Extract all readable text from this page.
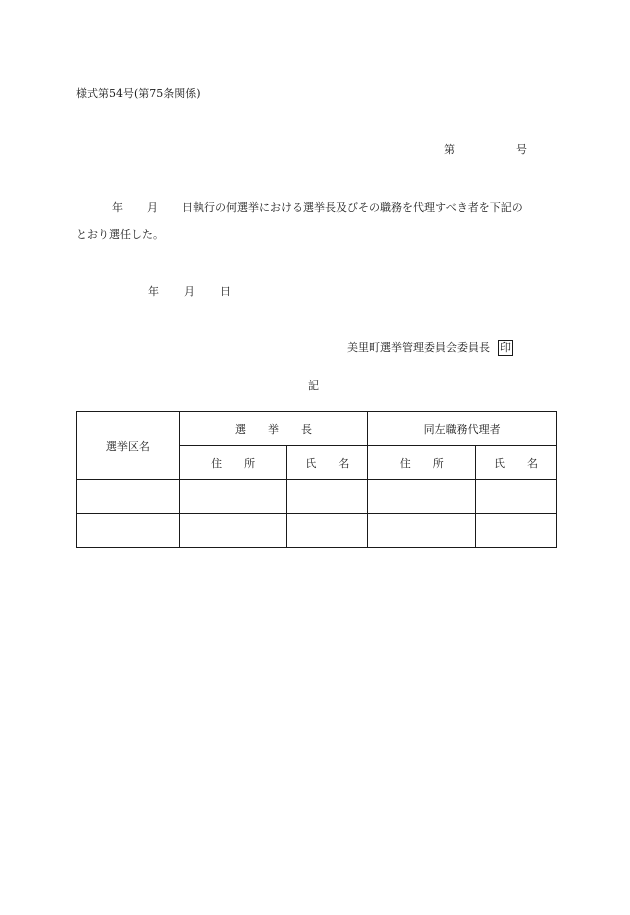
様式第54号(第75条関係)
第	号
年 月 日執行の何選挙における選挙長及びその職務を代理すべき者を下記の
とおり選任した。
年 月 日
美里町選挙管理委員会委員長 印
記
選挙区名	選　　挙　　長		同左職務代理者	
	住　　所	氏　　名	住　　所	氏　　名
